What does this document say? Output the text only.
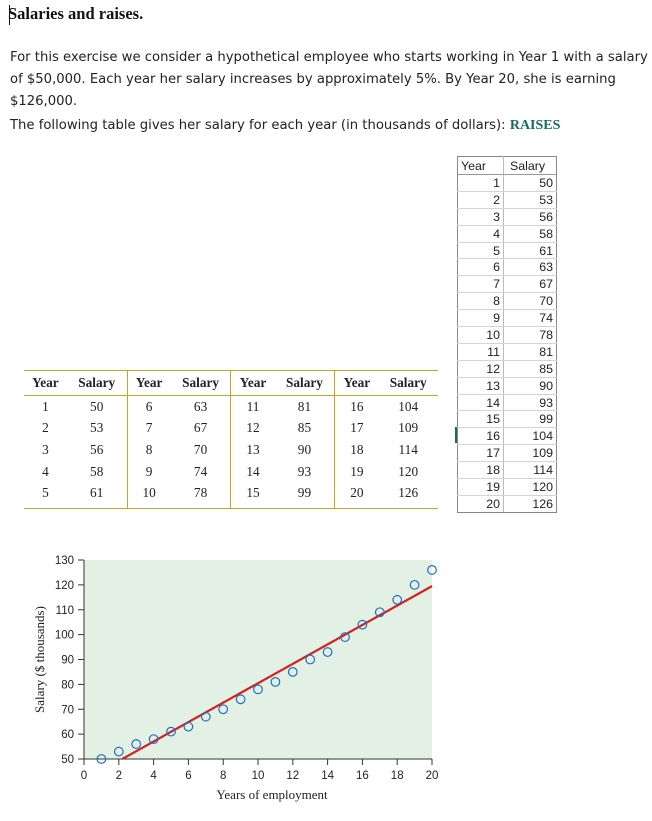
Salaries and raises.
For this exercise we consider a hypothetical employee who starts working in Year 1 with a salary
of $50,000. Each year her salary increases by approximately 5%. By Year 20, she is earning
$126,000.
The following table gives her salary for each year (in thousands of dollars): RAISES
Year	Salary
1	50
2	53
3	56
4	58
5	61
6	63
7	67
8	70
9	74
10	78
11	81
12	85
13	90
14	93
15	99
16	104
17	109
18	114
19	120
20	126
Year	Salary	Year	Salary	Year	Salary	Year	Salary
1	50	6	63	11	81	16	104
2	53	7	67	12	85	17	109
3	56	8	70	13	90	18	114
4	58	9	74	14	93	19	120
5	61	10	78	15	99	20	126
50
60
70
80
90
100
110
120
130
0 2 4 6 8 10 12 14 16 18 20
Years of employment
Salary ($ thousands)
